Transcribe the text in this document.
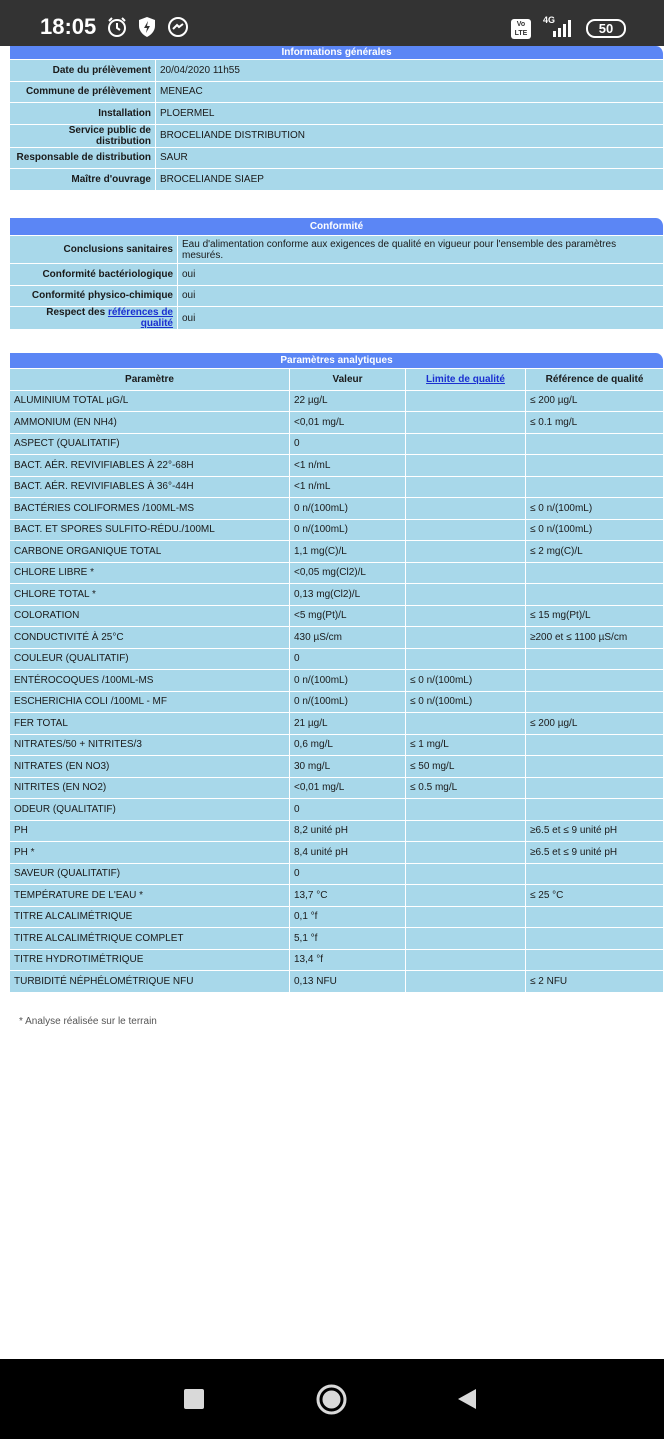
18:05	Vo LTE
4G
50
Informations générales	
Date du prélèvement	20/04/2020 11h55
Commune de prélèvement	MENEAC
Installation	PLOERMEL
Service public de distribution	BROCELIANDE DISTRIBUTION
Responsable de distribution	SAUR
Maître d'ouvrage	BROCELIANDE SIAEP
Conformité	
Conclusions sanitaires	Eau d'alimentation conforme aux exigences de qualité en vigueur pour l'ensemble des paramètres mesurés.
Conformité bactériologique	oui
Conformité physico-chimique	oui
Respect des références de qualité	oui
Paramètres analytiques			
Paramètre	Valeur	Limite de qualité	Référence de qualité
ALUMINIUM TOTAL µG/L	22 µg/L		≤ 200 µg/L
AMMONIUM (EN NH4)	<0,01 mg/L		≤ 0.1 mg/L
ASPECT (QUALITATIF)	0		
BACT. AÉR. REVIVIFIABLES À 22°-68H	<1 n/mL		
BACT. AÉR. REVIVIFIABLES À 36°-44H	<1 n/mL		
BACTÉRIES COLIFORMES /100ML-MS	0 n/(100mL)		≤ 0 n/(100mL)
BACT. ET SPORES SULFITO-RÉDU./100ML	0 n/(100mL)		≤ 0 n/(100mL)
CARBONE ORGANIQUE TOTAL	1,1 mg(C)/L		≤ 2 mg(C)/L
CHLORE LIBRE *	<0,05 mg(Cl2)/L		
CHLORE TOTAL *	0,13 mg(Cl2)/L		
COLORATION	<5 mg(Pt)/L		≤ 15 mg(Pt)/L
CONDUCTIVITÉ À 25°C	430 µS/cm		≥200 et ≤ 1100 µS/cm
COULEUR (QUALITATIF)	0		
ENTÉROCOQUES /100ML-MS	0 n/(100mL)	≤ 0 n/(100mL)	
ESCHERICHIA COLI /100ML - MF	0 n/(100mL)	≤ 0 n/(100mL)	
FER TOTAL	21 µg/L		≤ 200 µg/L
NITRATES/50 + NITRITES/3	0,6 mg/L	≤ 1 mg/L	
NITRATES (EN NO3)	30 mg/L	≤ 50 mg/L	
NITRITES (EN NO2)	<0,01 mg/L	≤ 0.5 mg/L	
ODEUR (QUALITATIF)	0		
PH	8,2 unité pH		≥6.5 et ≤ 9 unité pH
PH *	8,4 unité pH		≥6.5 et ≤ 9 unité pH
SAVEUR (QUALITATIF)	0		
TEMPÉRATURE DE L'EAU *	13,7 °C		≤ 25 °C
TITRE ALCALIMÉTRIQUE	0,1 °f		
TITRE ALCALIMÉTRIQUE COMPLET	5,1 °f		
TITRE HYDROTIMÉTRIQUE	13,4 °f		
TURBIDITÉ NÉPHÉLOMÉTRIQUE NFU	0,13 NFU		≤ 2 NFU
* Analyse réalisée sur le terrain
